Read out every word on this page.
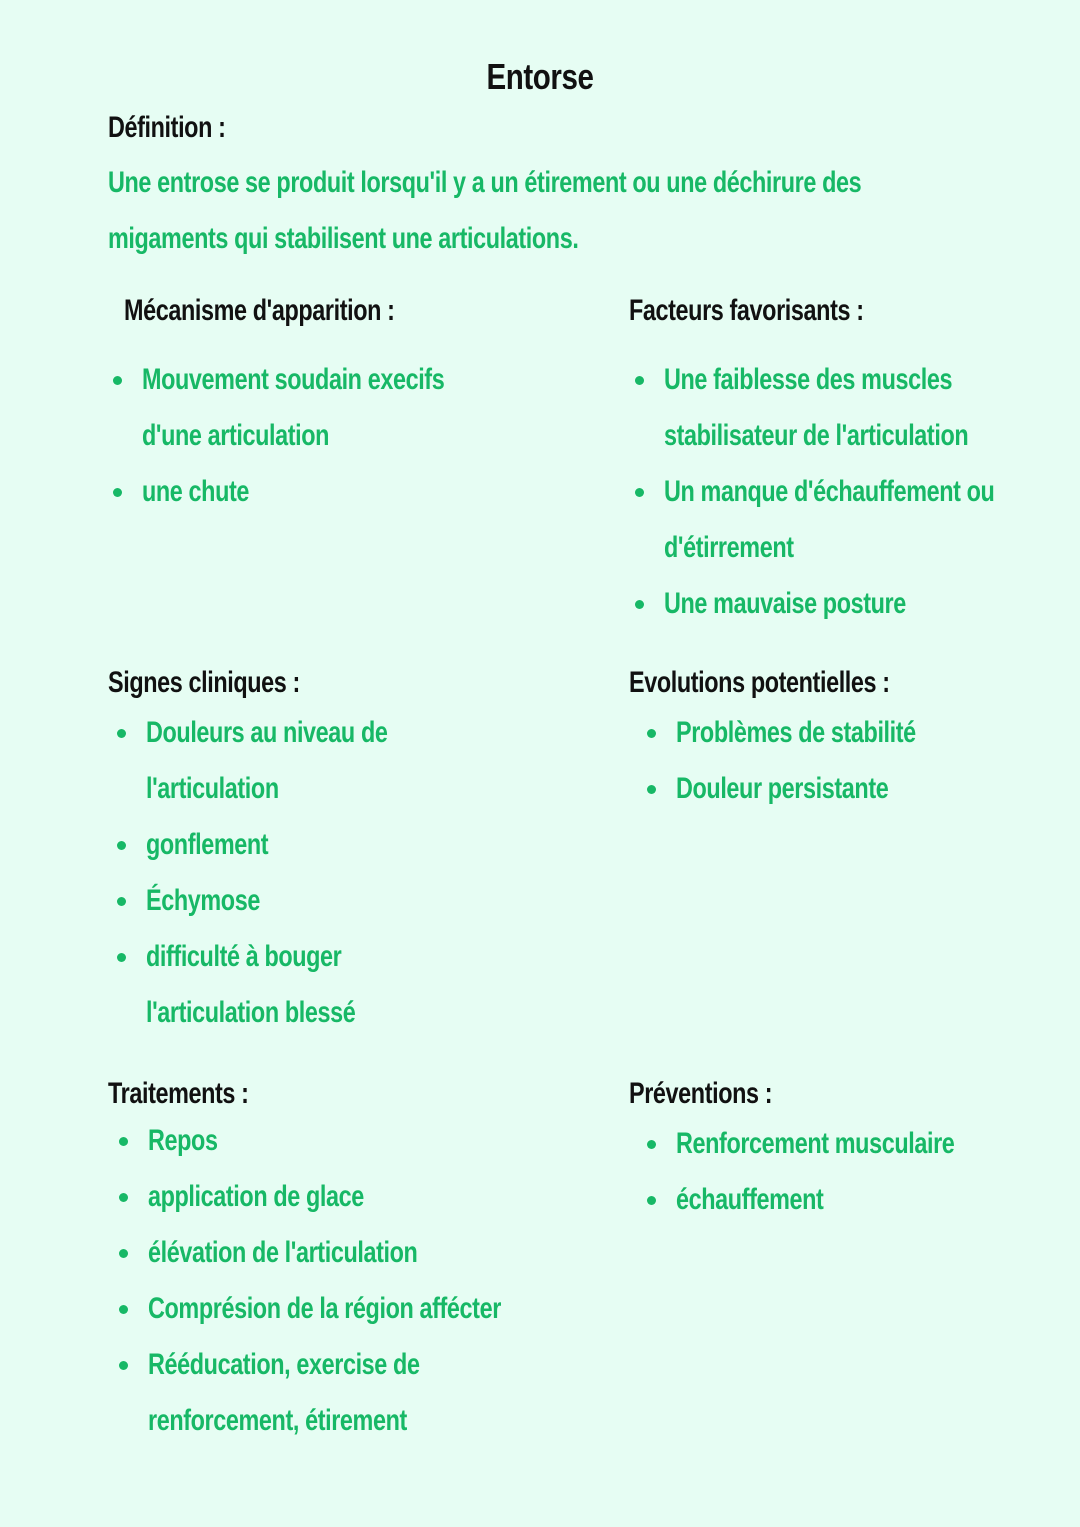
Entorse
Définition :
Une entrose se produit lorsqu'il y a un étirement ou une déchirure des migaments qui stabilisent une articulations.
Mécanisme d'apparition :
Mouvement soudain execifs d'une articulation
une chute
Facteurs favorisants :
Une faiblesse des muscles stabilisateur de l'articulation
Un manque d'échauffement ou d'étirrement
Une mauvaise posture
Signes cliniques :
Douleurs au niveau de l'articulation
gonflement
Échymose
difficulté à bouger l'articulation blessé
Evolutions potentielles :
Problèmes de stabilité
Douleur persistante
Traitements :
Repos
application de glace
élévation de l'articulation
Comprésion de la région affécter
Rééducation, exercise de renforcement, étirement
Préventions :
Renforcement musculaire
échauffement
